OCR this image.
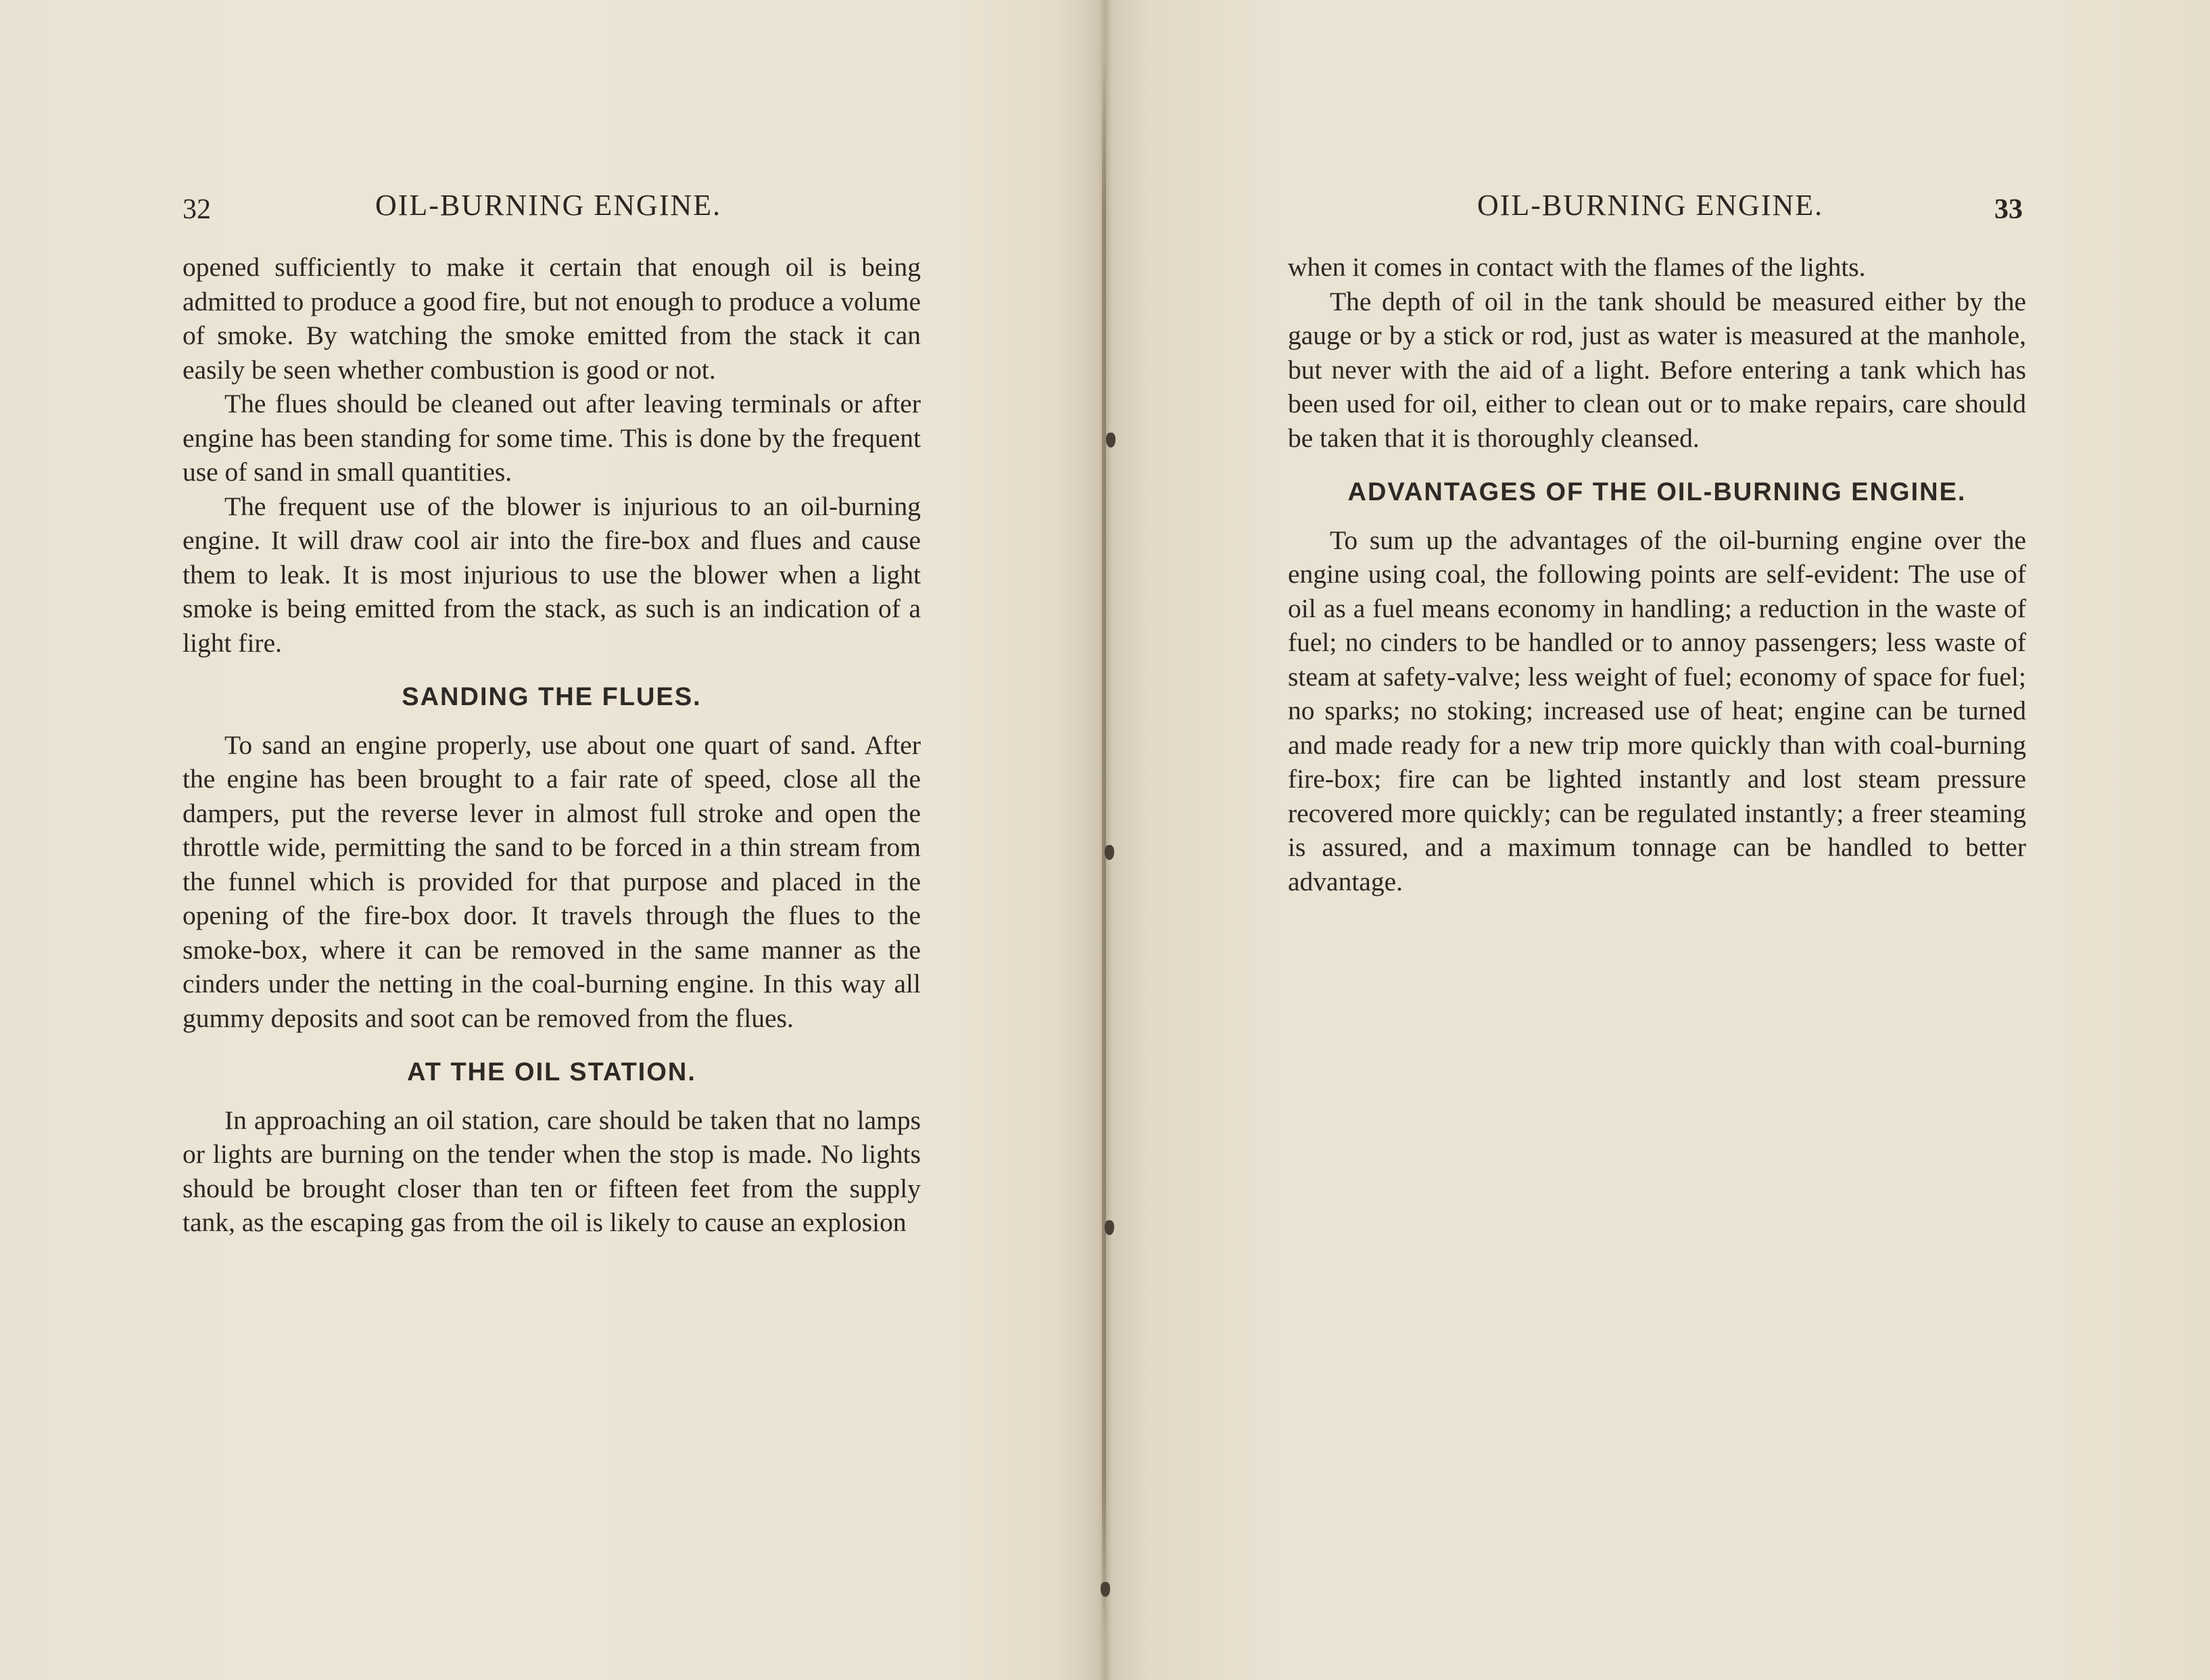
32	OIL-BURNING ENGINE.

opened sufficiently to make it certain that enough oil is being admitted to produce a good fire, but not enough to produce a volume of smoke. By watching the smoke emitted from the stack it can easily be seen whether combustion is good or not.

The flues should be cleaned out after leaving terminals or after engine has been standing for some time. This is done by the frequent use of sand in small quantities.

The frequent use of the blower is injurious to an oil-burning engine. It will draw cool air into the fire-box and flues and cause them to leak. It is most injurious to use the blower when a light smoke is being emitted from the stack, as such is an indication of a light fire.

SANDING THE FLUES.

To sand an engine properly, use about one quart of sand. After the engine has been brought to a fair rate of speed, close all the dampers, put the reverse lever in almost full stroke and open the throttle wide, permitting the sand to be forced in a thin stream from the funnel which is provided for that purpose and placed in the opening of the fire-box door. It travels through the flues to the smoke-box, where it can be removed in the same manner as the cinders under the netting in the coal-burning engine. In this way all gummy deposits and soot can be removed from the flues.

AT THE OIL STATION.

In approaching an oil station, care should be taken that no lamps or lights are burning on the tender when the stop is made. No lights should be brought closer than ten or fifteen feet from the supply tank, as the escaping gas from the oil is likely to cause an explosion

OIL-BURNING ENGINE.	33

when it comes in contact with the flames of the lights.

The depth of oil in the tank should be measured either by the gauge or by a stick or rod, just as water is measured at the manhole, but never with the aid of a light. Before entering a tank which has been used for oil, either to clean out or to make repairs, care should be taken that it is thoroughly cleansed.

ADVANTAGES OF THE OIL-BURNING ENGINE.

To sum up the advantages of the oil-burning engine over the engine using coal, the following points are self-evident: The use of oil as a fuel means economy in handling; a reduction in the waste of fuel; no cinders to be handled or to annoy passengers; less waste of steam at safety-valve; less weight of fuel; economy of space for fuel; no sparks; no stoking; increased use of heat; engine can be turned and made ready for a new trip more quickly than with coal-burning fire-box; fire can be lighted instantly and lost steam pressure recovered more quickly; can be regulated instantly; a freer steaming is assured, and a maximum tonnage can be handled to better advantage.
